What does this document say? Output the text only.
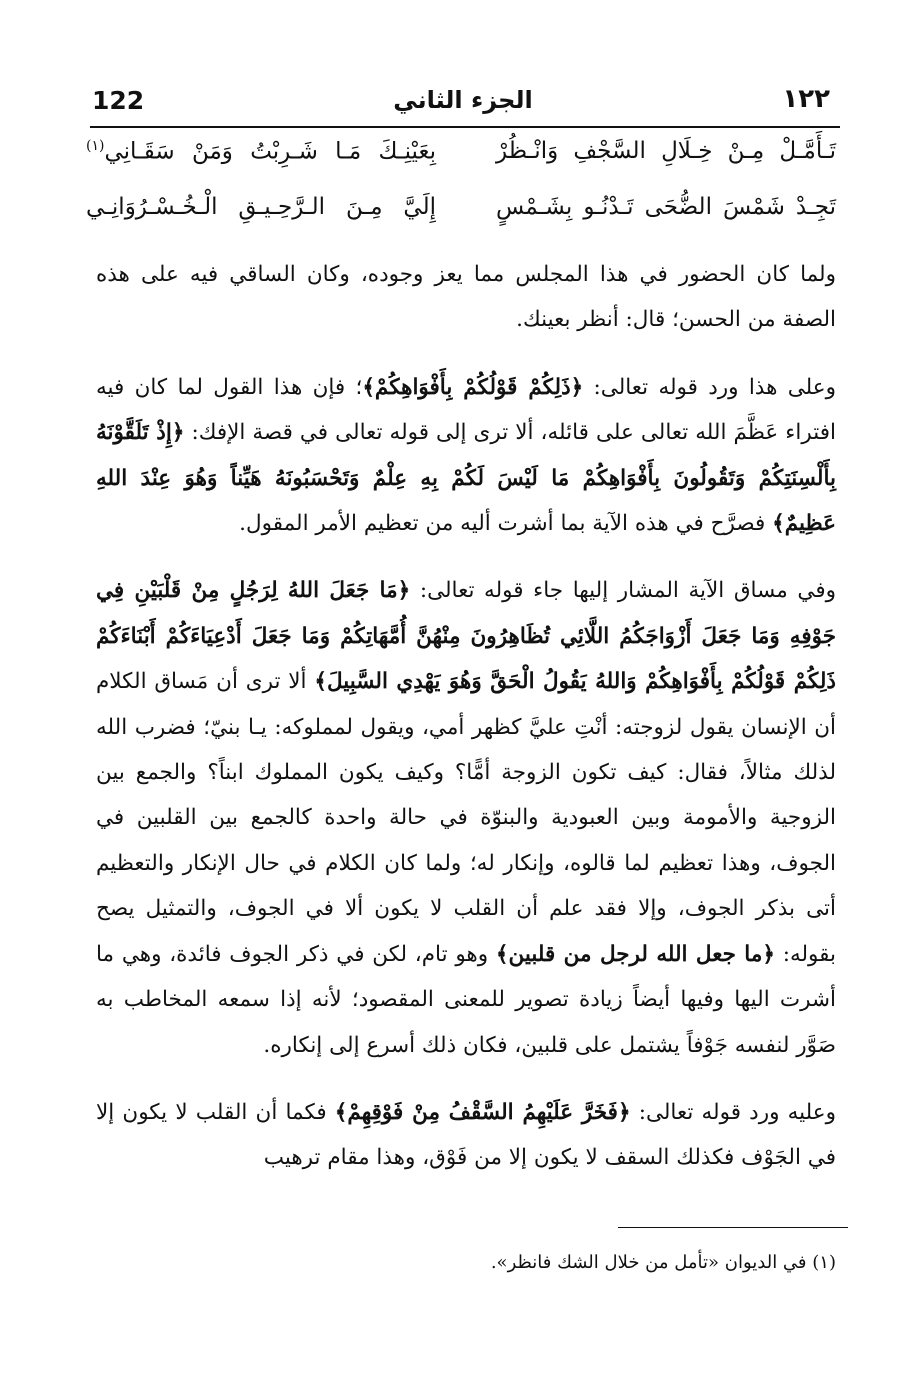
122	الجزء الثاني	١٢٢
تَـأَمَّـلْ مِـنْ خِـلَالِ السَّجْفِ وَانْـظُرْ
بِعَيْنِـكَ مَـا شَـرِبْتُ وَمَنْ سَقَـانِي$^{(١)}$
تَجِـدْ شَمْسَ الضُّحَى تَـدْنُـو بِشَـمْسٍ
إِلَيَّ مِـنَ الـرَّحِـيـقِ الْـخُـسْـرُوَانِـي

ولما كان الحضور في هذا المجلس مما يعز وجوده، وكان الساقي فيه على هذه الصفة من الحسن؛ قال: أنظر بعينك.

وعلى هذا ورد قوله تعالى: ﴿ذَلِكُمْ قَوْلُكُمْ بِأَفْوَاهِكُمْ﴾؛ فإن هذا القول لما كان فيه افتراء عَظَّمَ الله تعالى على قائله، ألا ترى إلى قوله تعالى في قصة الإفك: ﴿إِذْ تَلَقَّوْنَهُ بِأَلْسِنَتِكُمْ وَتَقُولُونَ بِأَفْوَاهِكُمْ مَا لَيْسَ لَكُمْ بِهِ عِلْمٌ وَتَحْسَبُونَهُ هَيِّناً وَهُوَ عِنْدَ اللهِ عَظِيمٌ﴾ فصرَّح في هذه الآية بما أشرت أليه من تعظيم الأمر المقول.

وفي مساق الآية المشار إليها جاء قوله تعالى: ﴿مَا جَعَلَ اللهُ لِرَجُلٍ مِنْ قَلْبَيْنِ فِي جَوْفِهِ وَمَا جَعَلَ أَزْوَاجَكُمُ اللَّائِي تُظَاهِرُونَ مِنْهُنَّ أُمَّهَاتِكُمْ وَمَا جَعَلَ أَدْعِيَاءَكُمْ أَبْنَاءَكُمْ ذَلِكُمْ قَوْلُكُمْ بِأَفْوَاهِكُمْ وَاللهُ يَقُولُ الْحَقَّ وَهُوَ يَهْدِي السَّبِيلَ﴾ ألا ترى أن مَساق الكلام أن الإنسان يقول لزوجته: أنْتِ عليَّ كظهر أمي، ويقول لمملوكه: يـا بنيّ؛ فضرب الله لذلك مثالاً، فقال: كيف تكون الزوجة أمًّا؟ وكيف يكون المملوك ابناً؟ والجمع بين الزوجية والأمومة وبين العبودية والبنوّة في حالة واحدة كالجمع بين القلبين في الجوف، وهذا تعظيم لما قالوه، وإنكار له؛ ولما كان الكلام في حال الإنكار والتعظيم أتى بذكر الجوف، وإلا فقد علم أن القلب لا يكون ألا في الجوف، والتمثيل يصح بقوله: ﴿ما جعل الله لرجل من قلبين﴾ وهو تام، لكن في ذكر الجوف فائدة، وهي ما أشرت اليها وفيها أيضاً زيادة تصوير للمعنى المقصود؛ لأنه إذا سمعه المخاطب به صَوَّر لنفسه جَوْفاً يشتمل على قلبين، فكان ذلك أسرع إلى إنكاره.

وعليه ورد قوله تعالى: ﴿فَخَرَّ عَلَيْهِمُ السَّقْفُ مِنْ فَوْقِهِمْ﴾ فكما أن القلب لا يكون إلا في الجَوْف فكذلك السقف لا يكون إلا من فَوْق، وهذا مقام ترهيب

(١) في الديوان «تأمل من خلال الشك فانظر».
